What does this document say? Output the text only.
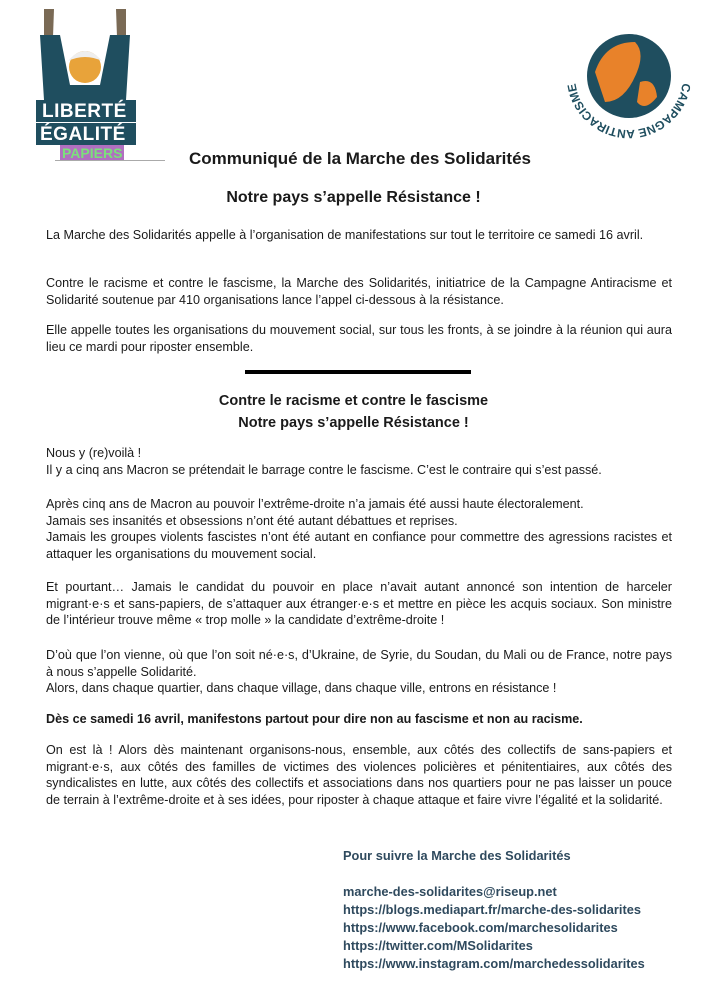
LIBERTÉ
ÉGALITÉ
PAPIERS
CAMPAGNE ANTIRACISME
Communiqué de la Marche des Solidarités
Notre pays s’appelle Résistance !
La Marche des Solidarités appelle à l’organisation de manifestations sur tout le territoire ce samedi 16 avril.
Contre le racisme et contre le fascisme, la Marche des Solidarités, initiatrice de la Campagne Antiracisme et Solidarité soutenue par 410 organisations lance l’appel ci-dessous à la résistance.
Elle appelle toutes les organisations du mouvement social, sur tous les fronts, à se joindre à la réunion qui aura lieu ce mardi pour riposter ensemble.
Contre le racisme et contre le fascisme
Notre pays s’appelle Résistance !
Nous y (re)voilà !
Il y a cinq ans Macron se prétendait le barrage contre le fascisme. C’est le contraire qui s’est passé.
Après cinq ans de Macron au pouvoir l’extrême-droite n’a jamais été aussi haute électoralement.
Jamais ses insanités et obsessions n’ont été autant débattues et reprises.
Jamais les groupes violents fascistes n’ont été autant en confiance pour commettre des agressions racistes et attaquer les organisations du mouvement social.
Et pourtant… Jamais le candidat du pouvoir en place n’avait autant annoncé son intention de harceler migrant·e·s et sans-papiers, de s’attaquer aux étranger·e·s et mettre en pièce les acquis sociaux. Son ministre de l’intérieur trouve même « trop molle » la candidate d’extrême-droite !
D’où que l’on vienne, où que l’on soit né·e·s, d’Ukraine, de Syrie, du Soudan, du Mali ou de France, notre pays à nous s’appelle Solidarité.
Alors, dans chaque quartier, dans chaque village, dans chaque ville, entrons en résistance !
Dès ce samedi 16 avril, manifestons partout pour dire non au fascisme et non au racisme.
On est là ! Alors dès maintenant organisons-nous, ensemble, aux côtés des collectifs de sans-papiers et migrant·e·s, aux côtés des familles de victimes des violences policières et pénitentiaires, aux côtés des syndicalistes en lutte, aux côtés des collectifs et associations dans nos quartiers pour ne pas laisser un pouce de terrain à l’extrême-droite et à ses idées, pour riposter à chaque attaque et faire vivre l’égalité et la solidarité.
Pour suivre la Marche des Solidarités
marche-des-solidarites@riseup.net
https://blogs.mediapart.fr/marche-des-solidarites
https://www.facebook.com/marchesolidarites
https://twitter.com/MSolidarites
https://www.instagram.com/marchedessolidarites
